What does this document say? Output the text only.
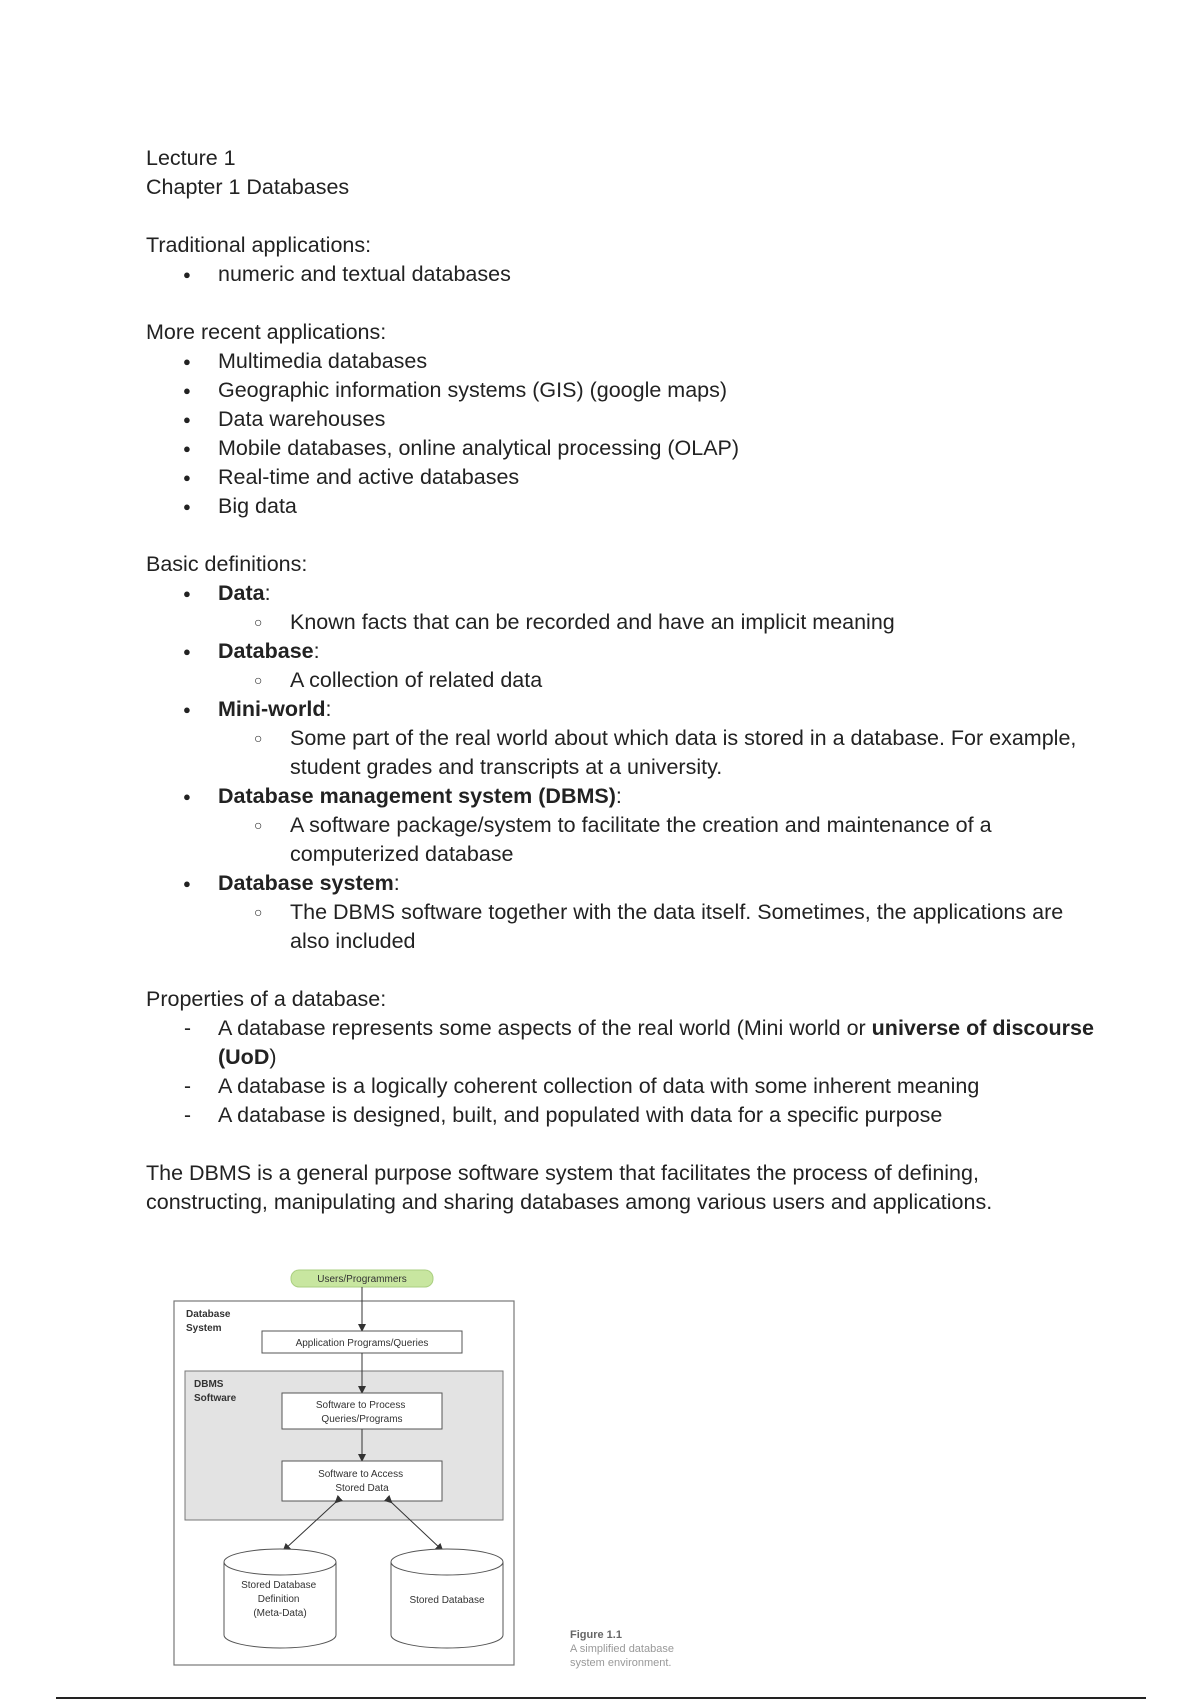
Lecture 1
Chapter 1 Databases
Traditional applications:
● numeric and textual databases
More recent applications:
● Multimedia databases
● Geographic information systems (GIS) (google maps)
● Data warehouses
● Mobile databases, online analytical processing (OLAP)
● Real-time and active databases
● Big data
Basic definitions:
● Data:
○ Known facts that can be recorded and have an implicit meaning
● Database:
○ A collection of related data
● Mini-world:
○ Some part of the real world about which data is stored in a database. For example, student grades and transcripts at a university.
● Database management system (DBMS):
○ A software package/system to facilitate the creation and maintenance of a computerized database
● Database system:
○ The DBMS software together with the data itself. Sometimes, the applications are also included
Properties of a database:
- A database represents some aspects of the real world (Mini world or universe of discourse (UoD)
- A database is a logically coherent collection of data with some inherent meaning
- A database is designed, built, and populated with data for a specific purpose
The DBMS is a general purpose software system that facilitates the process of defining, constructing, manipulating and sharing databases among various users and applications.
Users/Programmers
Database System
Application Programs/Queries
DBMS Software
Software to Process Queries/Programs
Software to Access Stored Data
Stored Database Definition (Meta-Data)
Stored Database
Figure 1.1
A simplified database
system environment.
